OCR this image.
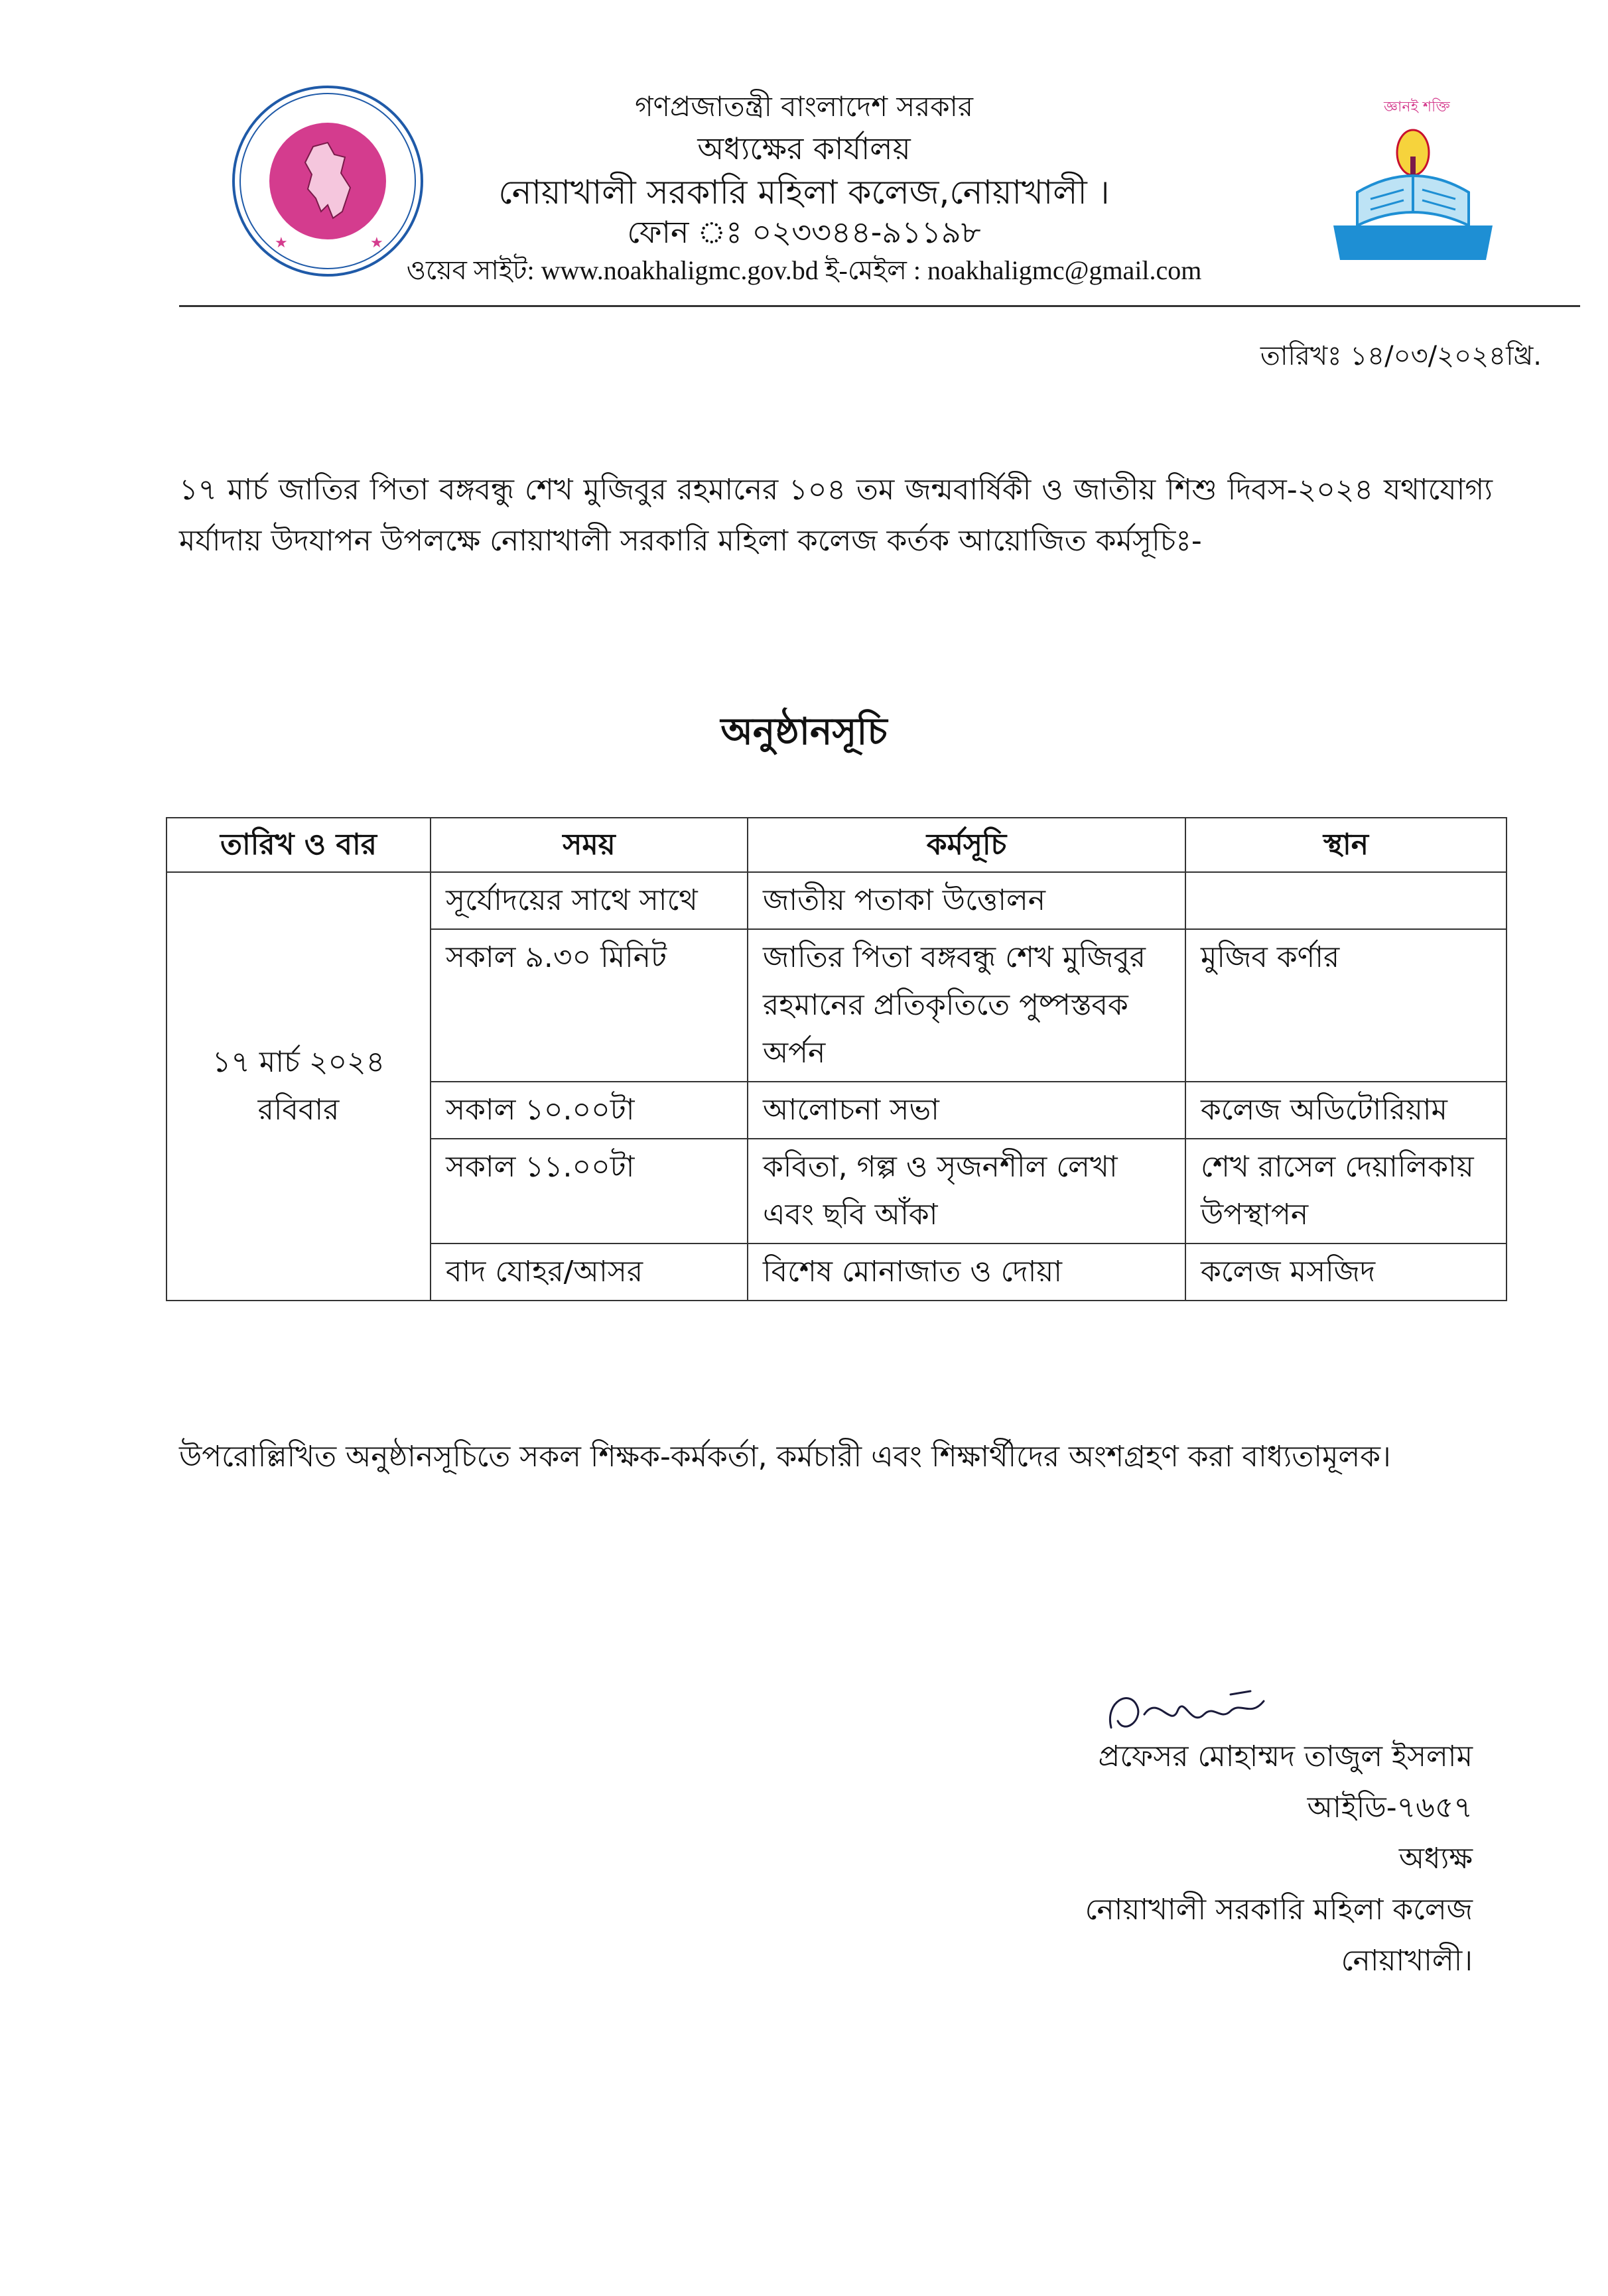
★	★
জ্ঞানই শক্তি
গণপ্রজাতন্ত্রী বাংলাদেশ সরকার
অধ্যক্ষের কার্যালয়
নোয়াখালী সরকারি মহিলা কলেজ,নোয়াখালী ।
ফোন ঃ ০২৩৩৪৪-৯১১৯৮
ওয়েব সাইট: www.noakhaligmc.gov.bd ই-মেইল : noakhaligmc@gmail.com
তারিখঃ ১৪/০৩/২০২৪খ্রি.
১৭ মার্চ জাতির পিতা বঙ্গবন্ধু শেখ মুজিবুর রহমানের ১০৪ তম জন্মবার্ষিকী ও জাতীয় শিশু দিবস-২০২৪ যথাযোগ্য মর্যাদায় উদযাপন উপলক্ষে নোয়াখালী সরকারি মহিলা কলেজ কর্তক আয়োজিত কর্মসূচিঃ-
অনুষ্ঠানসূচি
তারিখ ও বার	সময়	কর্মসূচি	স্থান

১৭ মার্চ ২০২৪
রবিবার	সূর্যোদয়ের সাথে সাথে	জাতীয় পতাকা উত্তোলন	
	সকাল ৯.৩০ মিনিট	জাতির পিতা বঙ্গবন্ধু শেখ মুজিবুর রহমানের প্রতিকৃতিতে পুষ্পস্তবক অর্পন	মুজিব কর্ণার
	সকাল ১০.০০টা	আলোচনা সভা	কলেজ অডিটোরিয়াম
	সকাল ১১.০০টা	কবিতা, গল্প ও সৃজনশীল লেখা এবং ছবি আঁকা	শেখ রাসেল দেয়ালিকায় উপস্থাপন
	বাদ যোহর/আসর	বিশেষ মোনাজাত ও দোয়া	কলেজ মসজিদ
উপরোল্লিখিত অনুষ্ঠানসূচিতে সকল শিক্ষক-কর্মকর্তা, কর্মচারী এবং শিক্ষার্থীদের অংশগ্রহণ করা বাধ্যতামূলক।
প্রফেসর মোহাম্মদ তাজুল ইসলাম
আইডি-৭৬৫৭
অধ্যক্ষ
নোয়াখালী সরকারি মহিলা কলেজ
নোয়াখালী।
